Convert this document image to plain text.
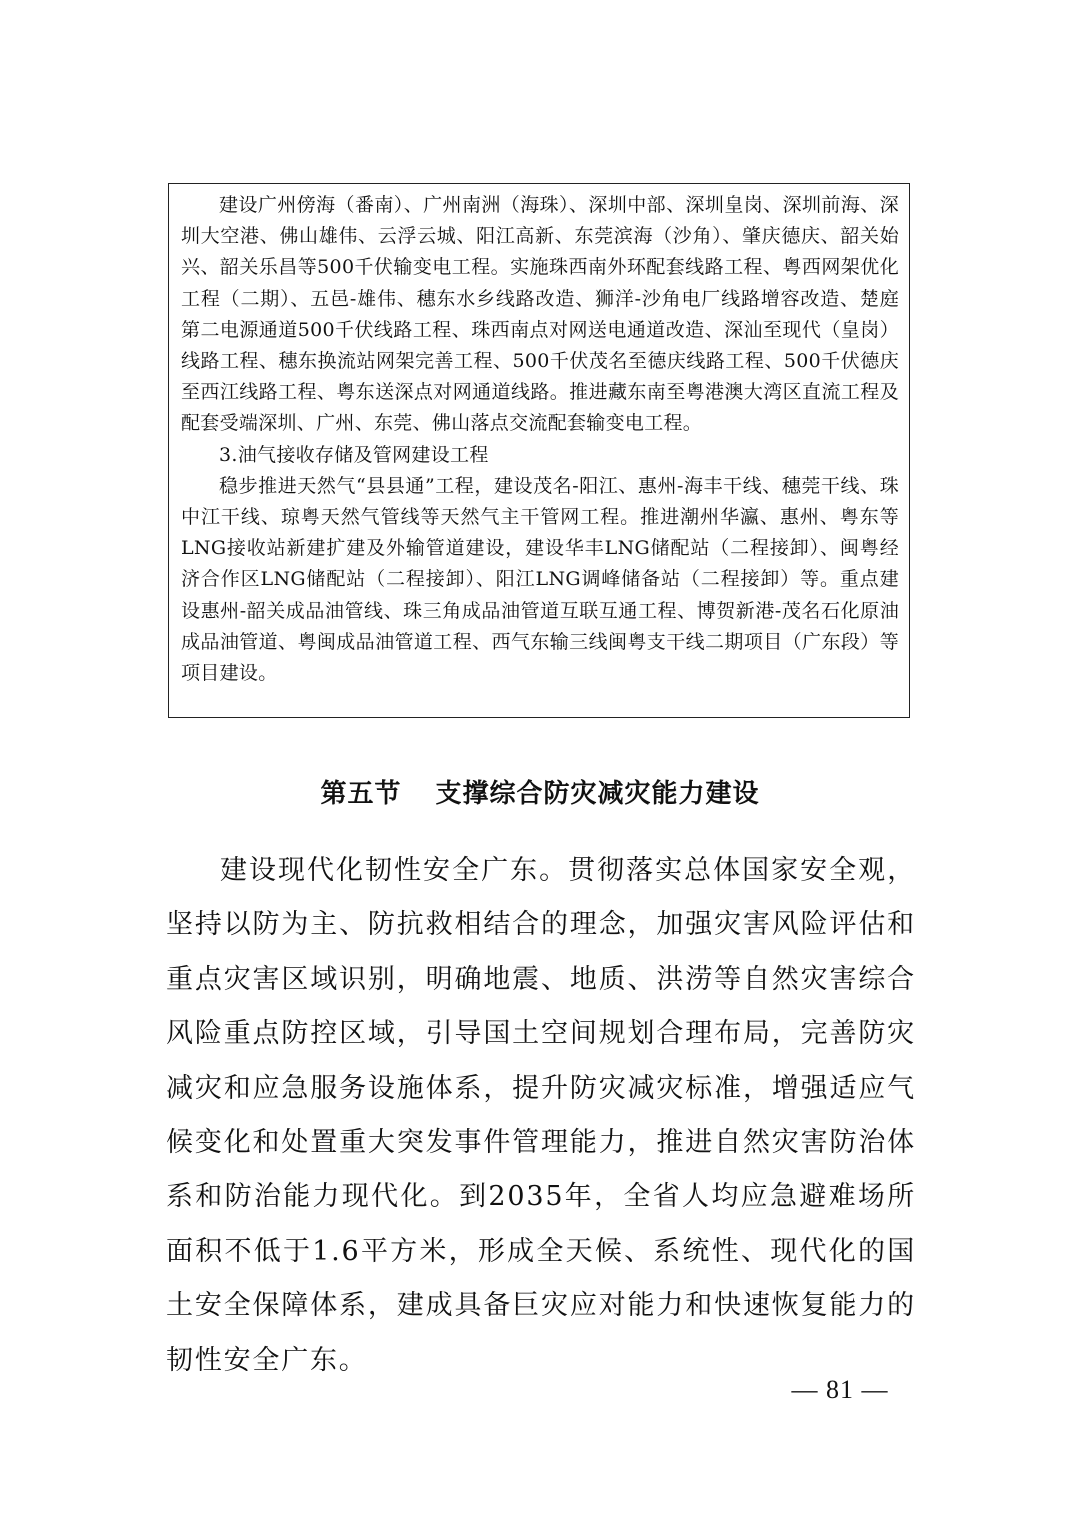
建设广州傍海（番南）、广州南洲（海珠）、深圳中部、深圳皇岗、深圳前海、深圳大空港、佛山雄伟、云浮云城、阳江高新、东莞滨海（沙角）、肇庆德庆、韶关始兴、韶关乐昌等500千伏输变电工程。实施珠西南外环配套线路工程、粤西网架优化工程（二期）、五邑-雄伟、穗东水乡线路改造、狮洋-沙角电厂线路增容改造、楚庭第二电源通道500千伏线路工程、珠西南点对网送电通道改造、深汕至现代（皇岗）线路工程、穗东换流站网架完善工程、500千伏茂名至德庆线路工程、500千伏德庆至西江线路工程、粤东送深点对网通道线路。推进藏东南至粤港澳大湾区直流工程及配套受端深圳、广州、东莞、佛山落点交流配套输变电工程。

3.油气接收存储及管网建设工程

稳步推进天然气“县县通”工程，建设茂名-阳江、惠州-海丰干线、穗莞干线、珠中江干线、琼粤天然气管线等天然气主干管网工程。推进潮州华瀛、惠州、粤东等LNG接收站新建扩建及外输管道建设，建设华丰LNG储配站（二程接卸）、闽粤经济合作区LNG储配站（二程接卸）、阳江LNG调峰储备站（二程接卸）等。重点建设惠州-韶关成品油管线、珠三角成品油管道互联互通工程、博贺新港-茂名石化原油成品油管道、粤闽成品油管道工程、西气东输三线闽粤支干线二期项目（广东段）等项目建设。

第五节 支撑综合防灾减灾能力建设

建设现代化韧性安全广东。贯彻落实总体国家安全观，坚持以防为主、防抗救相结合的理念，加强灾害风险评估和重点灾害区域识别，明确地震、地质、洪涝等自然灾害综合风险重点防控区域，引导国土空间规划合理布局，完善防灾减灾和应急服务设施体系，提升防灾减灾标准，增强适应气候变化和处置重大突发事件管理能力，推进自然灾害防治体系和防治能力现代化。到2035年，全省人均应急避难场所面积不低于1.6平方米，形成全天候、系统性、现代化的国土安全保障体系，建成具备巨灾应对能力和快速恢复能力的韧性安全广东。

— 81 —
